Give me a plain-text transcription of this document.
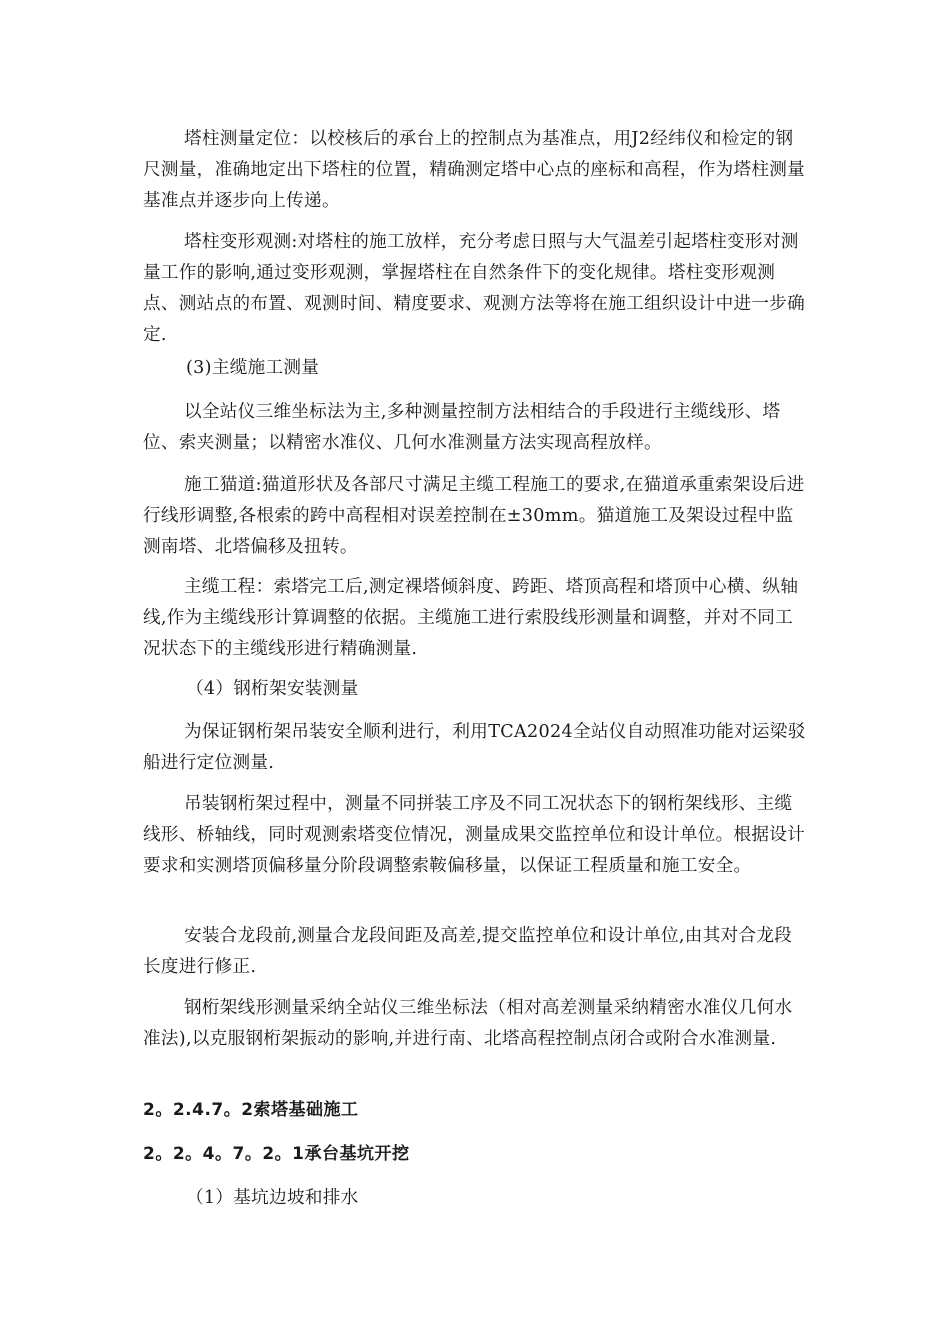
塔柱测量定位：以校核后的承台上的控制点为基准点，用J2经纬仪和检定的钢尺测量，准确地定出下塔柱的位置，精确测定塔中心点的座标和高程，作为塔柱测量基准点并逐步向上传递。

塔柱变形观测:对塔柱的施工放样，充分考虑日照与大气温差引起塔柱变形对测量工作的影响,通过变形观测，掌握塔柱在自然条件下的变化规律。塔柱变形观测点、测站点的布置、观测时间、精度要求、观测方法等将在施工组织设计中进一步确定.

(3)主缆施工测量

以全站仪三维坐标法为主,多种测量控制方法相结合的手段进行主缆线形、塔位、索夹测量；以精密水准仪、几何水准测量方法实现高程放样。

施工猫道:猫道形状及各部尺寸满足主缆工程施工的要求,在猫道承重索架设后进行线形调整,各根索的跨中高程相对误差控制在±30mm。猫道施工及架设过程中监测南塔、北塔偏移及扭转。

主缆工程：索塔完工后,测定裸塔倾斜度、跨距、塔顶高程和塔顶中心横、纵轴线,作为主缆线形计算调整的依据。主缆施工进行索股线形测量和调整，并对不同工况状态下的主缆线形进行精确测量.

（4）钢桁架安装测量

为保证钢桁架吊装安全顺利进行，利用TCA2024全站仪自动照准功能对运梁驳船进行定位测量.

吊装钢桁架过程中，测量不同拼装工序及不同工况状态下的钢桁架线形、主缆线形、桥轴线，同时观测索塔变位情况，测量成果交监控单位和设计单位。根据设计要求和实测塔顶偏移量分阶段调整索鞍偏移量，以保证工程质量和施工安全。

安装合龙段前,测量合龙段间距及高差,提交监控单位和设计单位,由其对合龙段长度进行修正.

钢桁架线形测量采纳全站仪三维坐标法（相对高差测量采纳精密水准仪几何水准法),以克服钢桁架振动的影响,并进行南、北塔高程控制点闭合或附合水准测量.

2。2.4.7。2索塔基础施工

2。2。4。7。2。1承台基坑开挖

（1）基坑边坡和排水
